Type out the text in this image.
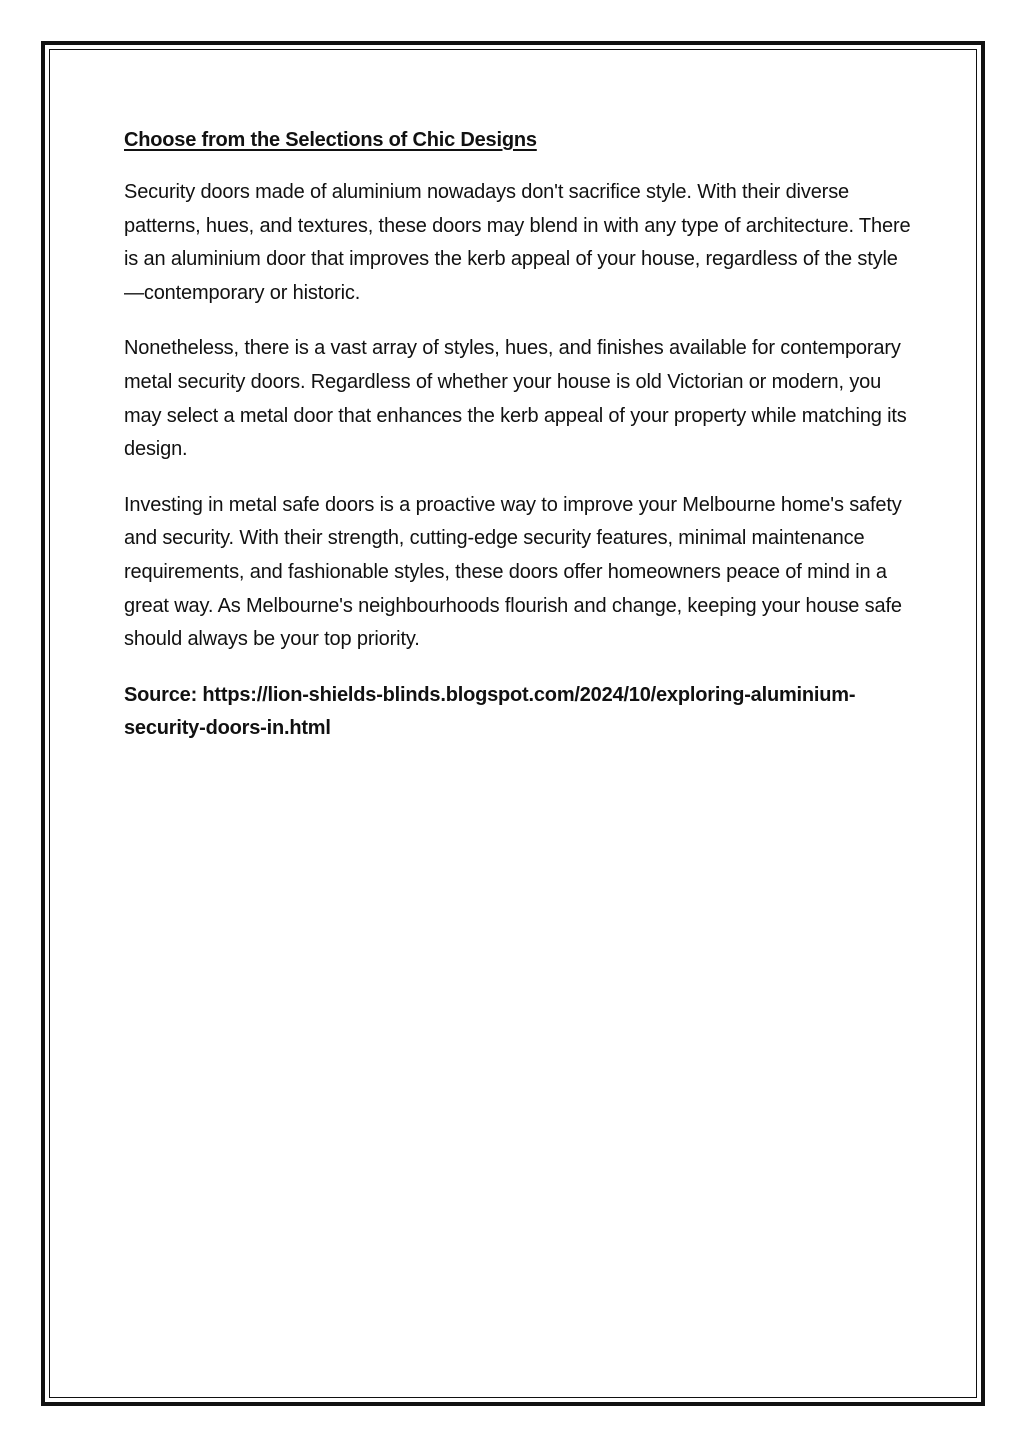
Choose from the Selections of Chic Designs

Security doors made of aluminium nowadays don't sacrifice style. With their diverse patterns, hues, and textures, these doors may blend in with any type of architecture. There is an aluminium door that improves the kerb appeal of your house, regardless of the style—contemporary or historic.

Nonetheless, there is a vast array of styles, hues, and finishes available for contemporary metal security doors. Regardless of whether your house is old Victorian or modern, you may select a metal door that enhances the kerb appeal of your property while matching its design.

Investing in metal safe doors is a proactive way to improve your Melbourne home's safety and security. With their strength, cutting-edge security features, minimal maintenance requirements, and fashionable styles, these doors offer homeowners peace of mind in a great way. As Melbourne's neighbourhoods flourish and change, keeping your house safe should always be your top priority.

Source: https://lion-shields-blinds.blogspot.com/2024/10/exploring-aluminium-security-doors-in.html
